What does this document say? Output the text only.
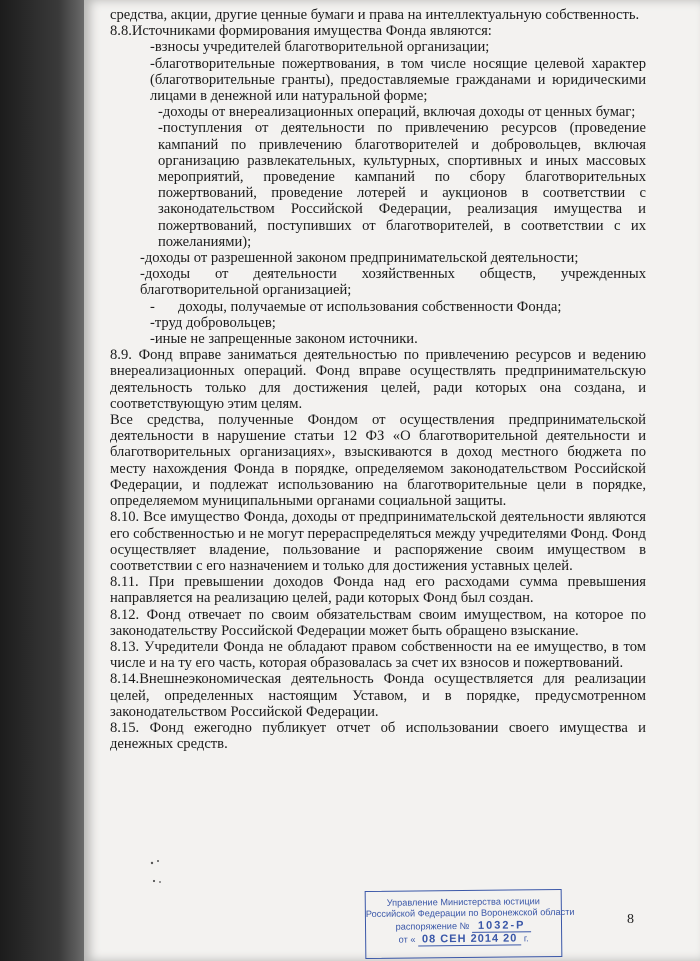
средства, акции, другие ценные бумаги и права на интеллектуальную собственность.

8.8.Источниками формирования имущества Фонда являются:

-взносы учредителей благотворительной организации;

-благотворительные пожертвования, в том числе носящие целевой характер (благотворительные гранты), предоставляемые гражданами и юридическими лицами в денежной или натуральной форме;

-доходы от внереализационных операций, включая доходы от ценных бумаг;

-поступления от деятельности по привлечению ресурсов (проведение кампаний по привлечению благотворителей и добровольцев, включая организацию развлекательных, культурных, спортивных и иных массовых мероприятий, проведение кампаний по сбору благотворительных пожертвований, проведение лотерей и аукционов в соответствии с законодательством Российской Федерации, реализация имущества и пожертвований, поступивших от благотворителей, в соответствии с их пожеланиями);

-доходы от разрешенной законом предпринимательской деятельности;

-доходы от деятельности хозяйственных обществ, учрежденных благотворительной организацией;

- доходы, получаемые от использования собственности Фонда;

-труд добровольцев;

-иные не запрещенные законом источники.

8.9. Фонд вправе заниматься деятельностью по привлечению ресурсов и ведению внереализационных операций. Фонд вправе осуществлять предпринимательскую деятельность только для достижения целей, ради которых она создана, и соответствующую этим целям.

Все средства, полученные Фондом от осуществления предпринимательской деятельности в нарушение статьи 12 ФЗ «О благотворительной деятельности и благотворительных организациях», взыскиваются в доход местного бюджета по месту нахождения Фонда в порядке, определяемом законодательством Российской Федерации, и подлежат использованию на благотворительные цели в порядке, определяемом муниципальными органами социальной защиты.

8.10. Все имущество Фонда, доходы от предпринимательской деятельности являются его собственностью и не могут перераспределяться между учредителями Фонд. Фонд осуществляет владение, пользование и распоряжение своим имуществом в соответствии с его назначением и только для достижения уставных целей.

8.11. При превышении доходов Фонда над его расходами сумма превышения направляется на реализацию целей, ради которых Фонд был создан.

8.12. Фонд отвечает по своим обязательствам своим имуществом, на которое по законодательству Российской Федерации может быть обращено взыскание.

8.13. Учредители Фонда не обладают правом собственности на ее имущество, в том числе и на ту его часть, которая образовалась за счет их взносов и пожертвований.

8.14.Внешнеэкономическая деятельность Фонда осуществляется для реализации целей, определенных настоящим Уставом, и в порядке, предусмотренном законодательством Российской Федерации.

8.15. Фонд ежегодно публикует отчет об использовании своего имущества и денежных средств.

Управление Министерства юстиции
Российской Федерации по Воронежской области
распоряжение № 1032-Р
от « 08 СЕН 2014 20 г.
8
